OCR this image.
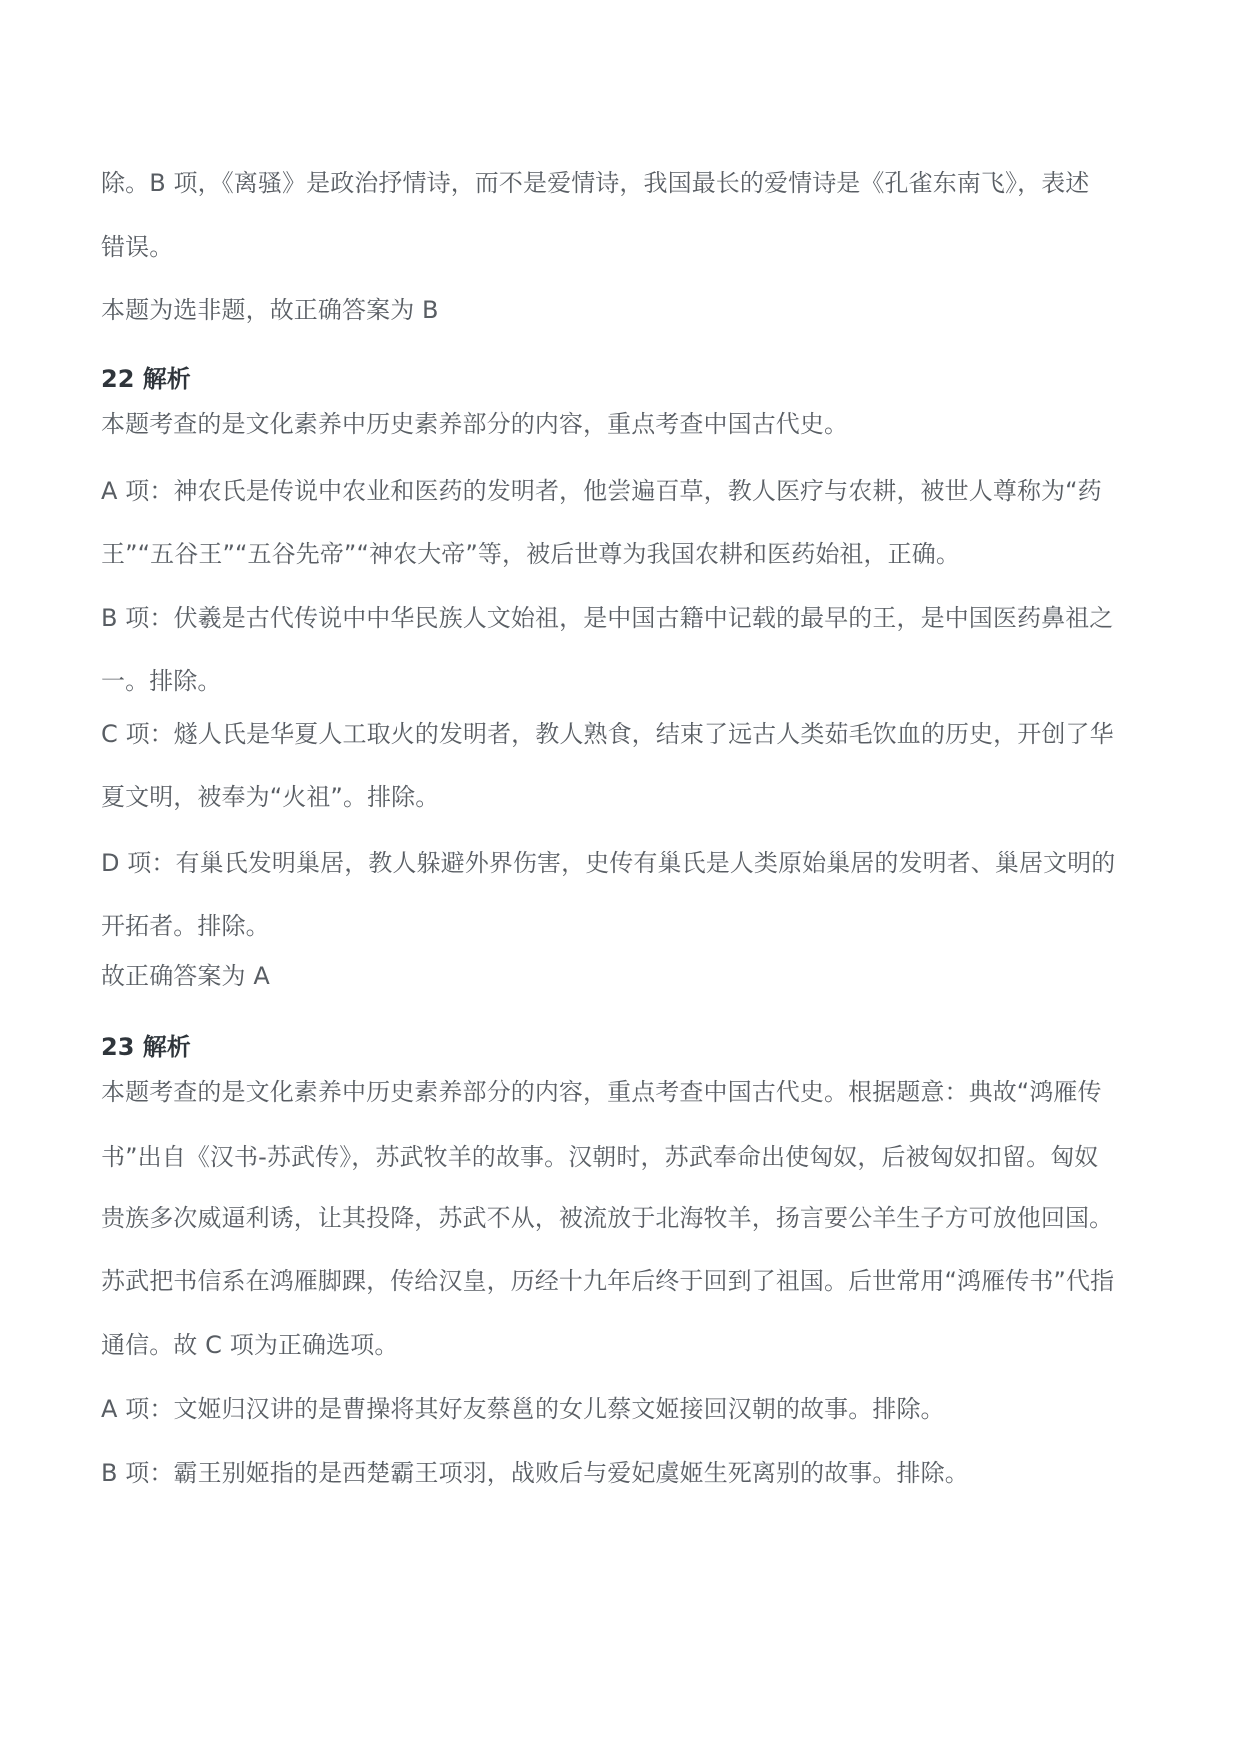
除。B 项，《离骚》是政治抒情诗，而不是爱情诗，我国最长的爱情诗是《孔雀东南飞》，表述
错误。
本题为选非题，故正确答案为 B
22 解析
本题考查的是文化素养中历史素养部分的内容，重点考查中国古代史。
A 项：神农氏是传说中农业和医药的发明者，他尝遍百草，教人医疗与农耕，被世人尊称为“药
王”“五谷王”“五谷先帝”“神农大帝”等，被后世尊为我国农耕和医药始祖，正确。
B 项：伏羲是古代传说中中华民族人文始祖，是中国古籍中记载的最早的王，是中国医药鼻祖之
一。排除。
C 项：燧人氏是华夏人工取火的发明者，教人熟食，结束了远古人类茹毛饮血的历史，开创了华
夏文明，被奉为“火祖”。排除。
D 项：有巢氏发明巢居，教人躲避外界伤害，史传有巢氏是人类原始巢居的发明者、巢居文明的
开拓者。排除。
故正确答案为 A
23 解析
本题考查的是文化素养中历史素养部分的内容，重点考查中国古代史。根据题意：典故“鸿雁传
书”出自《汉书-苏武传》，苏武牧羊的故事。汉朝时，苏武奉命出使匈奴，后被匈奴扣留。匈奴
贵族多次威逼利诱，让其投降，苏武不从，被流放于北海牧羊，扬言要公羊生子方可放他回国。
苏武把书信系在鸿雁脚踝，传给汉皇，历经十九年后终于回到了祖国。后世常用“鸿雁传书”代指
通信。故 C 项为正确选项。
A 项：文姬归汉讲的是曹操将其好友蔡邕的女儿蔡文姬接回汉朝的故事。排除。
B 项：霸王别姬指的是西楚霸王项羽，战败后与爱妃虞姬生死离别的故事。排除。
